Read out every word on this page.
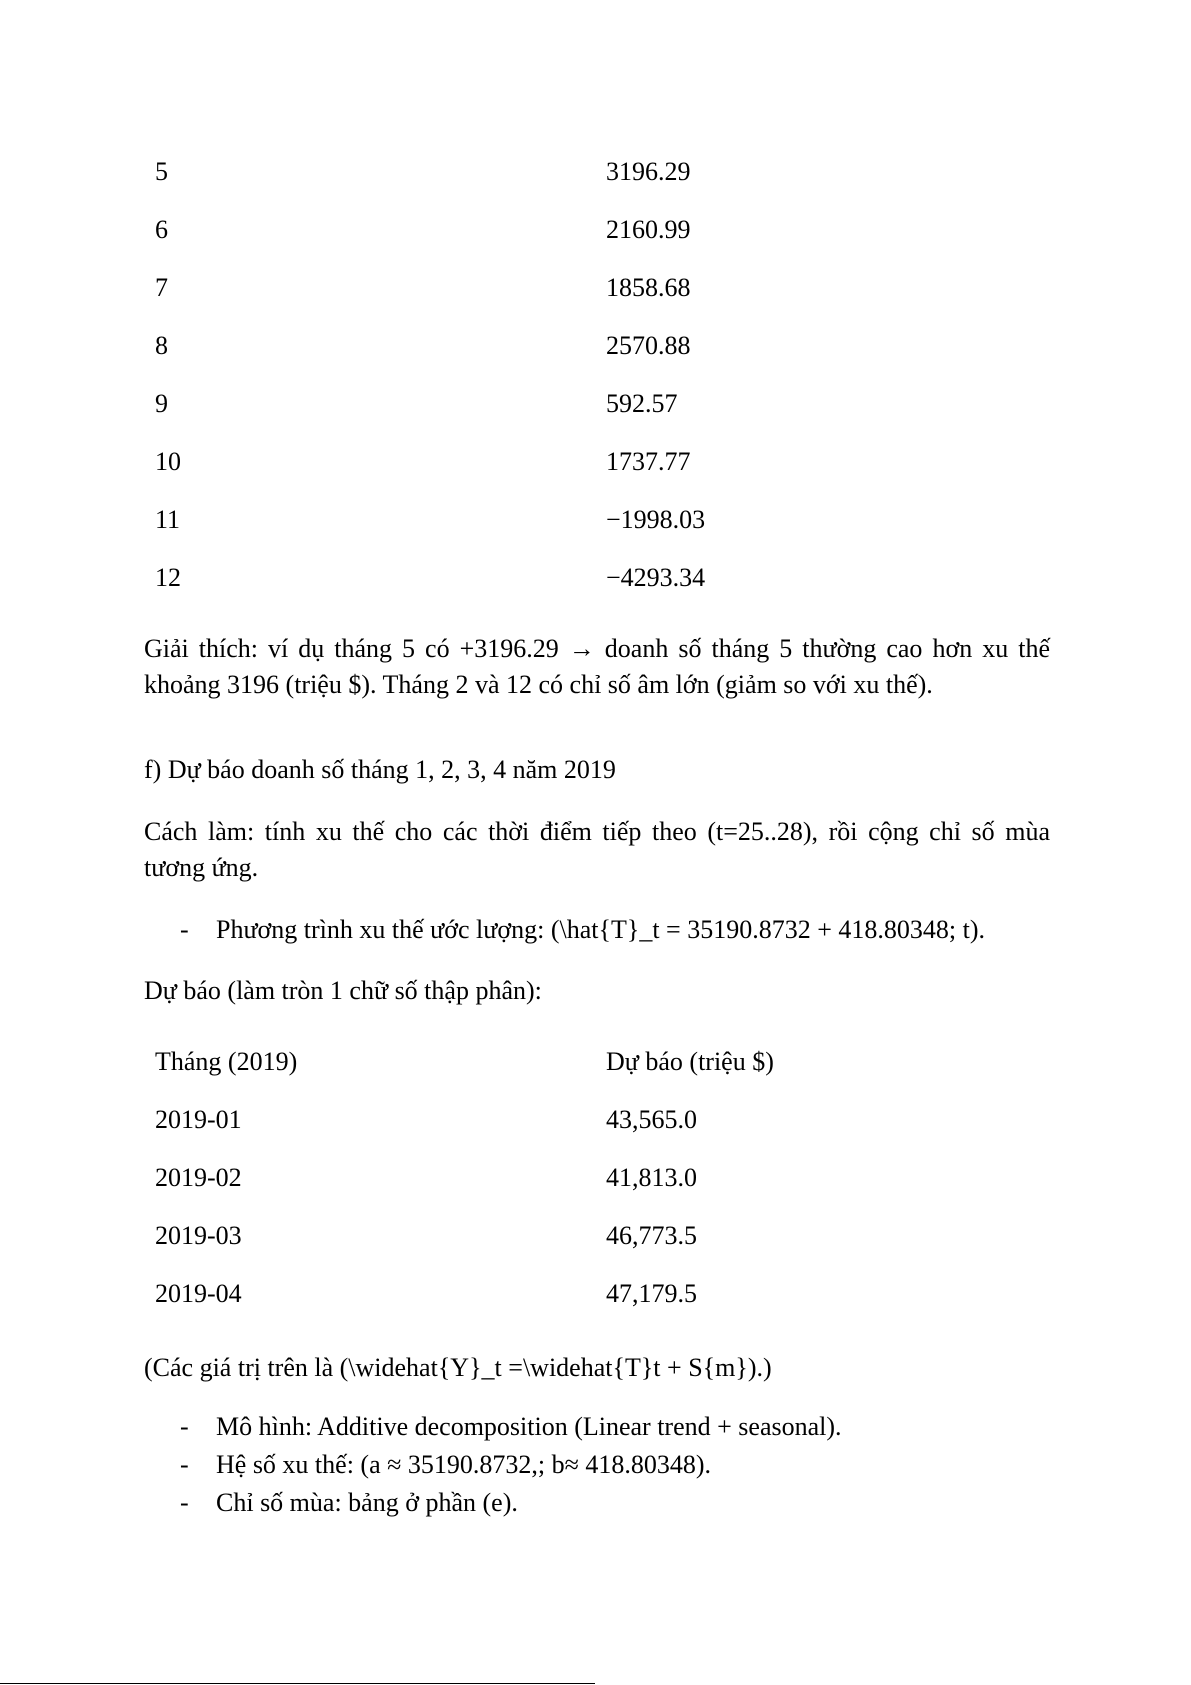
5	3196.29
6	2160.99
7	1858.68
8	2570.88
9	592.57
10	1737.77
11	−1998.03
12	−4293.34
Giải thích: ví dụ tháng 5 có +3196.29 → doanh số tháng 5 thường cao hơn xu thế khoảng 3196 (triệu $). Tháng 2 và 12 có chỉ số âm lớn (giảm so với xu thế).
f) Dự báo doanh số tháng 1, 2, 3, 4 năm 2019
Cách làm: tính xu thế cho các thời điểm tiếp theo (t=25..28), rồi cộng chỉ số mùa tương ứng.
- Phương trình xu thế ước lượng: (\hat{T}_t = 35190.8732 + 418.80348; t).
Dự báo (làm tròn 1 chữ số thập phân):
Tháng (2019)	Dự báo (triệu $)
2019-01	43,565.0
2019-02	41,813.0
2019-03	46,773.5
2019-04	47,179.5
(Các giá trị trên là (\widehat{Y}_t =\widehat{T}t + S{m}).)
- Mô hình: Additive decomposition (Linear trend + seasonal).
- Hệ số xu thế: (a ≈ 35190.8732,; b≈ 418.80348).
- Chỉ số mùa: bảng ở phần (e).
